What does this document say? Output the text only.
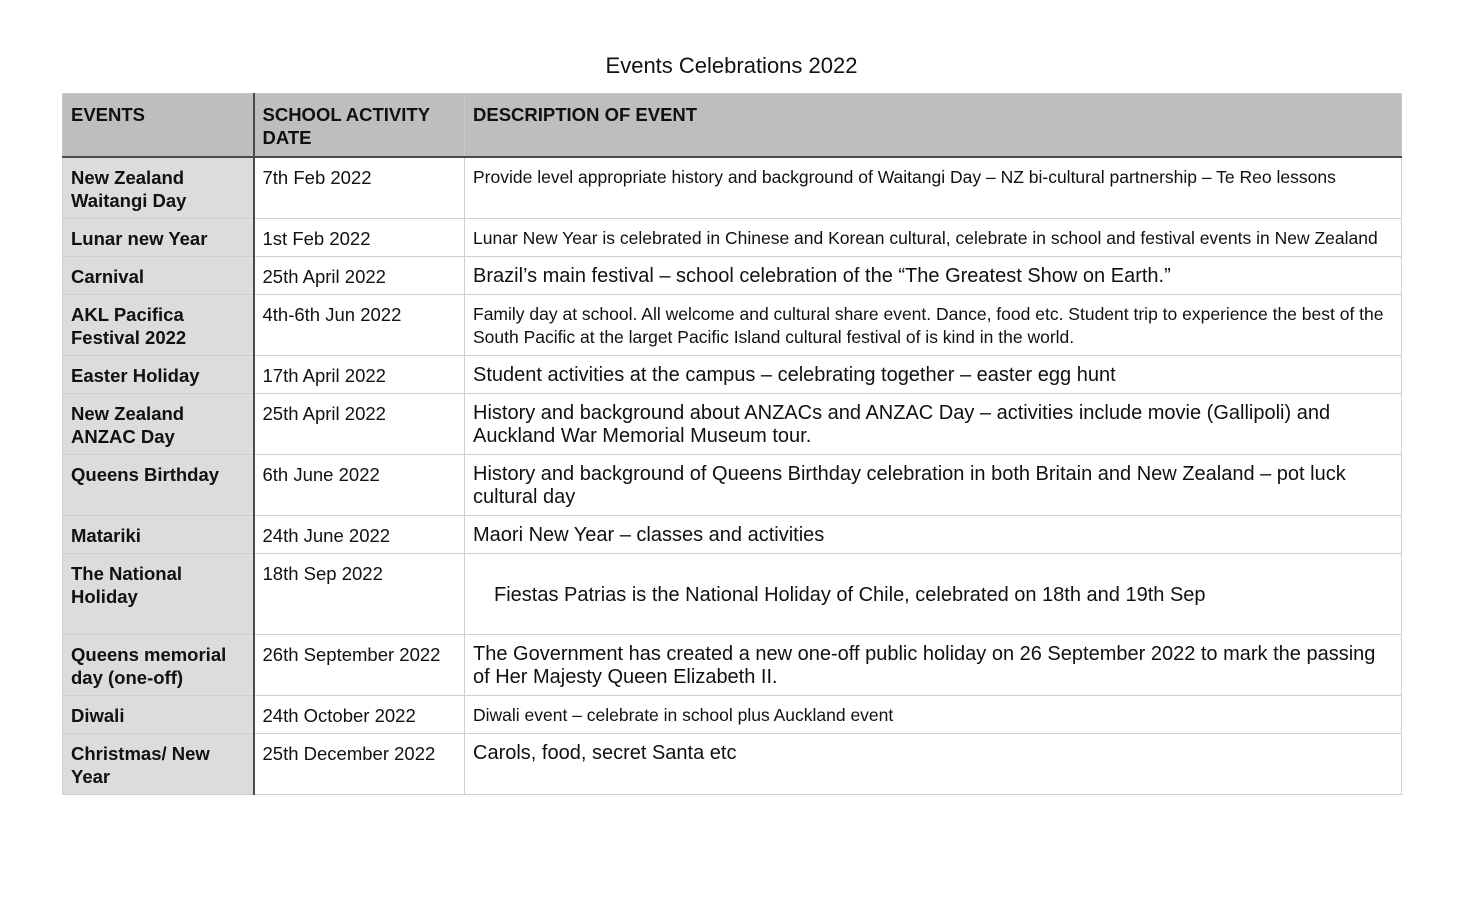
Events Celebrations 2022
EVENTS	SCHOOL ACTIVITY DATE	DESCRIPTION OF EVENT
New Zealand Waitangi Day	7th Feb 2022	Provide level appropriate history and background of Waitangi Day – NZ bi-cultural partnership – Te Reo lessons
Lunar new Year	1st Feb 2022	Lunar New Year is celebrated in Chinese and Korean cultural, celebrate in school and festival events in New Zealand
Carnival	25th April 2022	Brazil’s main festival – school celebration of the “The Greatest Show on Earth.”
AKL Pacifica Festival 2022	4th-6th Jun 2022	Family day at school. All welcome and cultural share event. Dance, food etc. Student trip to experience the best of the South Pacific at the larget Pacific Island cultural festival of is kind in the world.
Easter Holiday	17th April 2022	Student activities at the campus – celebrating together – easter egg hunt
New Zealand ANZAC Day	25th April 2022	History and background about ANZACs and ANZAC Day – activities include movie (Gallipoli) and Auckland War Memorial Museum tour.
Queens Birthday	6th June 2022	History and background of Queens Birthday celebration in both Britain and New Zealand – pot luck cultural day
Matariki	24th June 2022	Maori New Year – classes and activities
The National Holiday	18th Sep 2022	Fiestas Patrias is the National Holiday of Chile, celebrated on 18th and 19th Sep
Queens memorial day (one-off)	26th September 2022	The Government has created a new one-off public holiday on 26 September 2022 to mark the passing of Her Majesty Queen Elizabeth II.
Diwali	24th October 2022	Diwali event – celebrate in school plus Auckland event
Christmas/ New Year	25th December 2022	Carols, food, secret Santa etc
